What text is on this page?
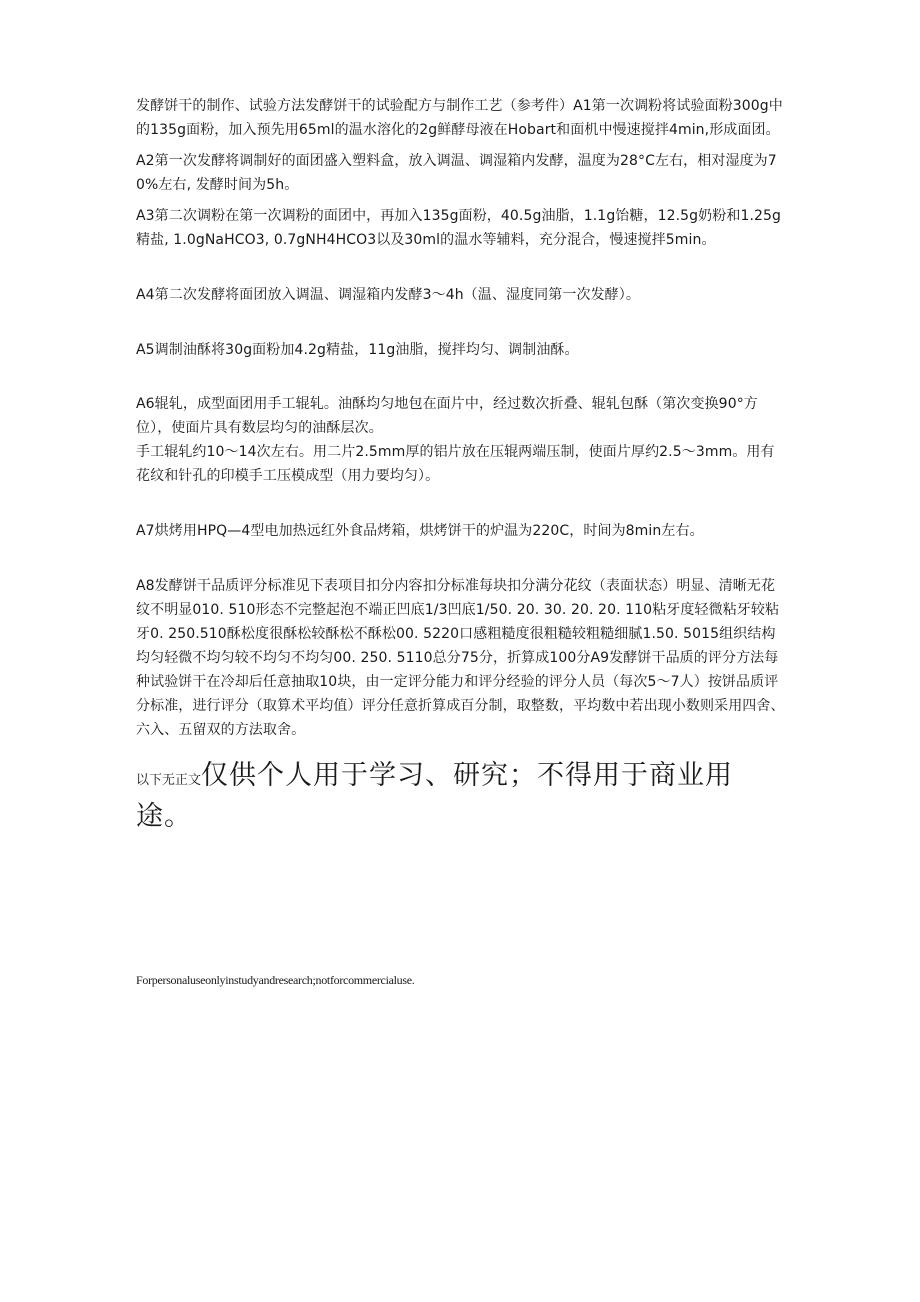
发酵饼干的制作、试验方法发酵饼干的试验配方与制作工艺（参考件）A1第一次调粉将试验面粉300g中的135g面粉，加入预先用65ml的温水溶化的2g鲜酵母液在Hobart和面机中慢速搅拌4min,形成面团。

A2第一次发酵将调制好的面团盛入塑料盒，放入调温、调湿箱内发酵，温度为28°C左右，相对湿度为70%左右, 发酵时间为5h。

A3第二次调粉在第一次调粉的面团中，再加入135g面粉，40.5g油脂，1.1g饴糖，12.5g奶粉和1.25g精盐, 1.0gNaHCO3, 0.7gNH4HCO3以及30ml的温水等辅料，充分混合，慢速搅拌5min。

A4第二次发酵将面团放入调温、调湿箱内发酵3～4h（温、湿度同第一次发酵）。

A5调制油酥将30g面粉加4.2g精盐，11g油脂，搅拌均匀、调制油酥。

A6辊轧，成型面团用手工辊轧。油酥均匀地包在面片中，经过数次折叠、辊轧包酥（第次变换90°方位），使面片具有数层均匀的油酥层次。

手工辊轧约10～14次左右。用二片2.5mm厚的铝片放在压辊两端压制，使面片厚约2.5～3mm。用有花纹和针孔的印模手工压模成型（用力要均匀）。

A7烘烤用HPQ—4型电加热远红外食品烤箱，烘烤饼干的炉温为220C，时间为8min左右。

A8发酵饼干品质评分标准见下表项目扣分内容扣分标准每块扣分满分花纹（表面状态）明显、清晰无花纹不明显010. 510形态不完整起泡不端正凹底1/3凹底1/50. 20. 30. 20. 20. 110粘牙度轻微粘牙较粘牙0. 250.510酥松度很酥松较酥松不酥松00. 5220口感粗糙度很粗糙较粗糙细腻1.50. 5015组织结构均匀轻微不均匀较不均匀不均匀00. 250. 5110总分75分，折算成100分A9发酵饼干品质的评分方法每种试验饼干在冷却后任意抽取10块，由一定评分能力和评分经验的评分人员（每次5～7人）按饼品质评分标准，进行评分（取算术平均值）评分任意折算成百分制，取整数，平均数中若出现小数则采用四舍、六入、五留双的方法取舍。

以下无正文仅供个人用于学习、研究；不得用于商业用途。
Forpersonaluseonlyinstudyandresearch;notforcommercialuse.
